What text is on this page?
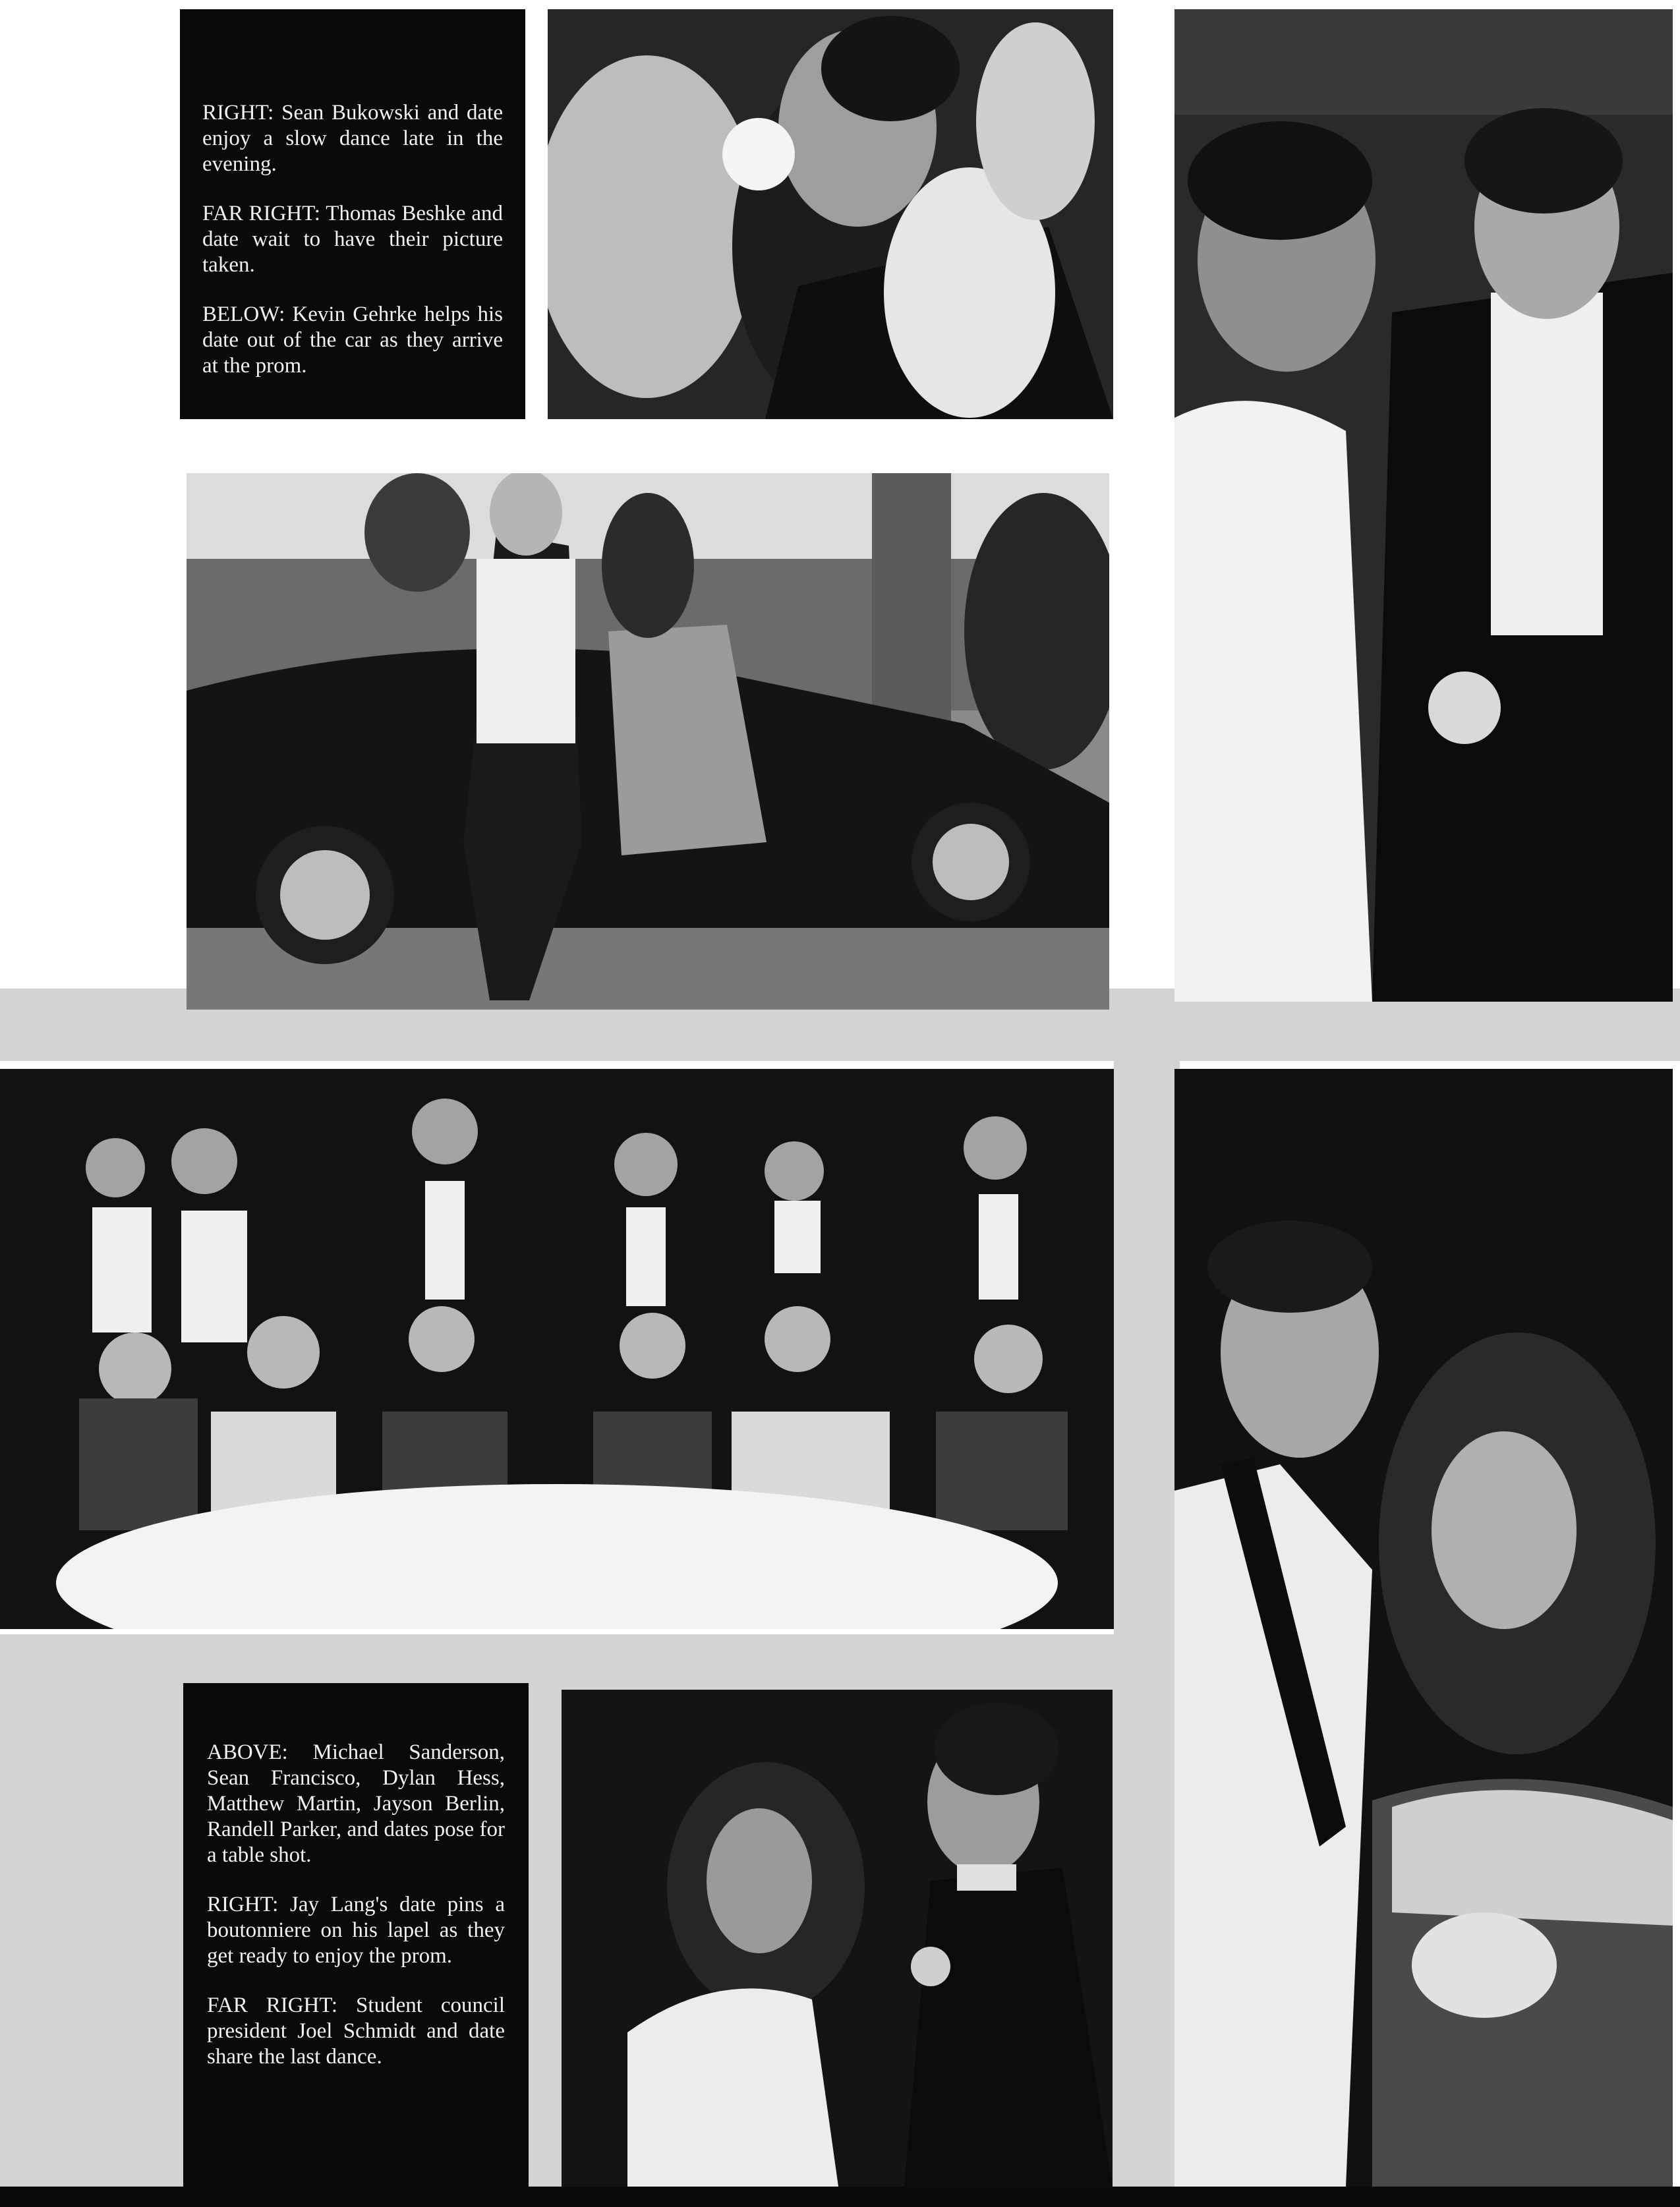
RIGHT: Sean Bukowski and date enjoy a slow dance late in the evening.

FAR RIGHT: Thomas Beshke and date wait to have their picture taken.

BELOW: Kevin Gehrke helps his date out of the car as they arrive at the prom.

ABOVE: Michael Sanderson, Sean Francisco, Dylan Hess, Matthew Martin, Jayson Berlin, Randell Parker, and dates pose for a table shot.

RIGHT: Jay Lang's date pins a boutonniere on his lapel as they get ready to enjoy the prom.

FAR RIGHT: Student council president Joel Schmidt and date share the last dance.
